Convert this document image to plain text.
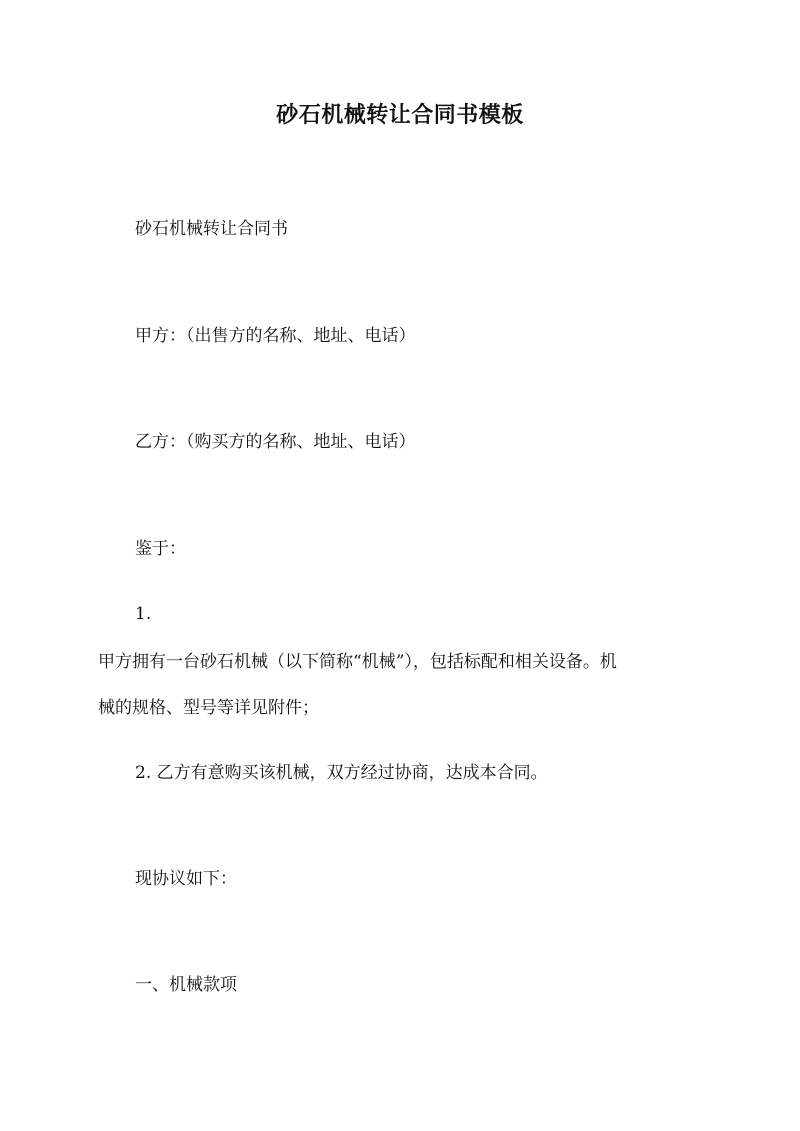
砂石机械转让合同书模板
砂石机械转让合同书
甲方：（出售方的名称、地址、电话）
乙方：（购买方的名称、地址、电话）
鉴于：
1.
甲方拥有一台砂石机械（以下简称“机械”），包括标配和相关设备。机
械的规格、型号等详见附件；
2. 乙方有意购买该机械，双方经过协商，达成本合同。
现协议如下：
一、机械款项
